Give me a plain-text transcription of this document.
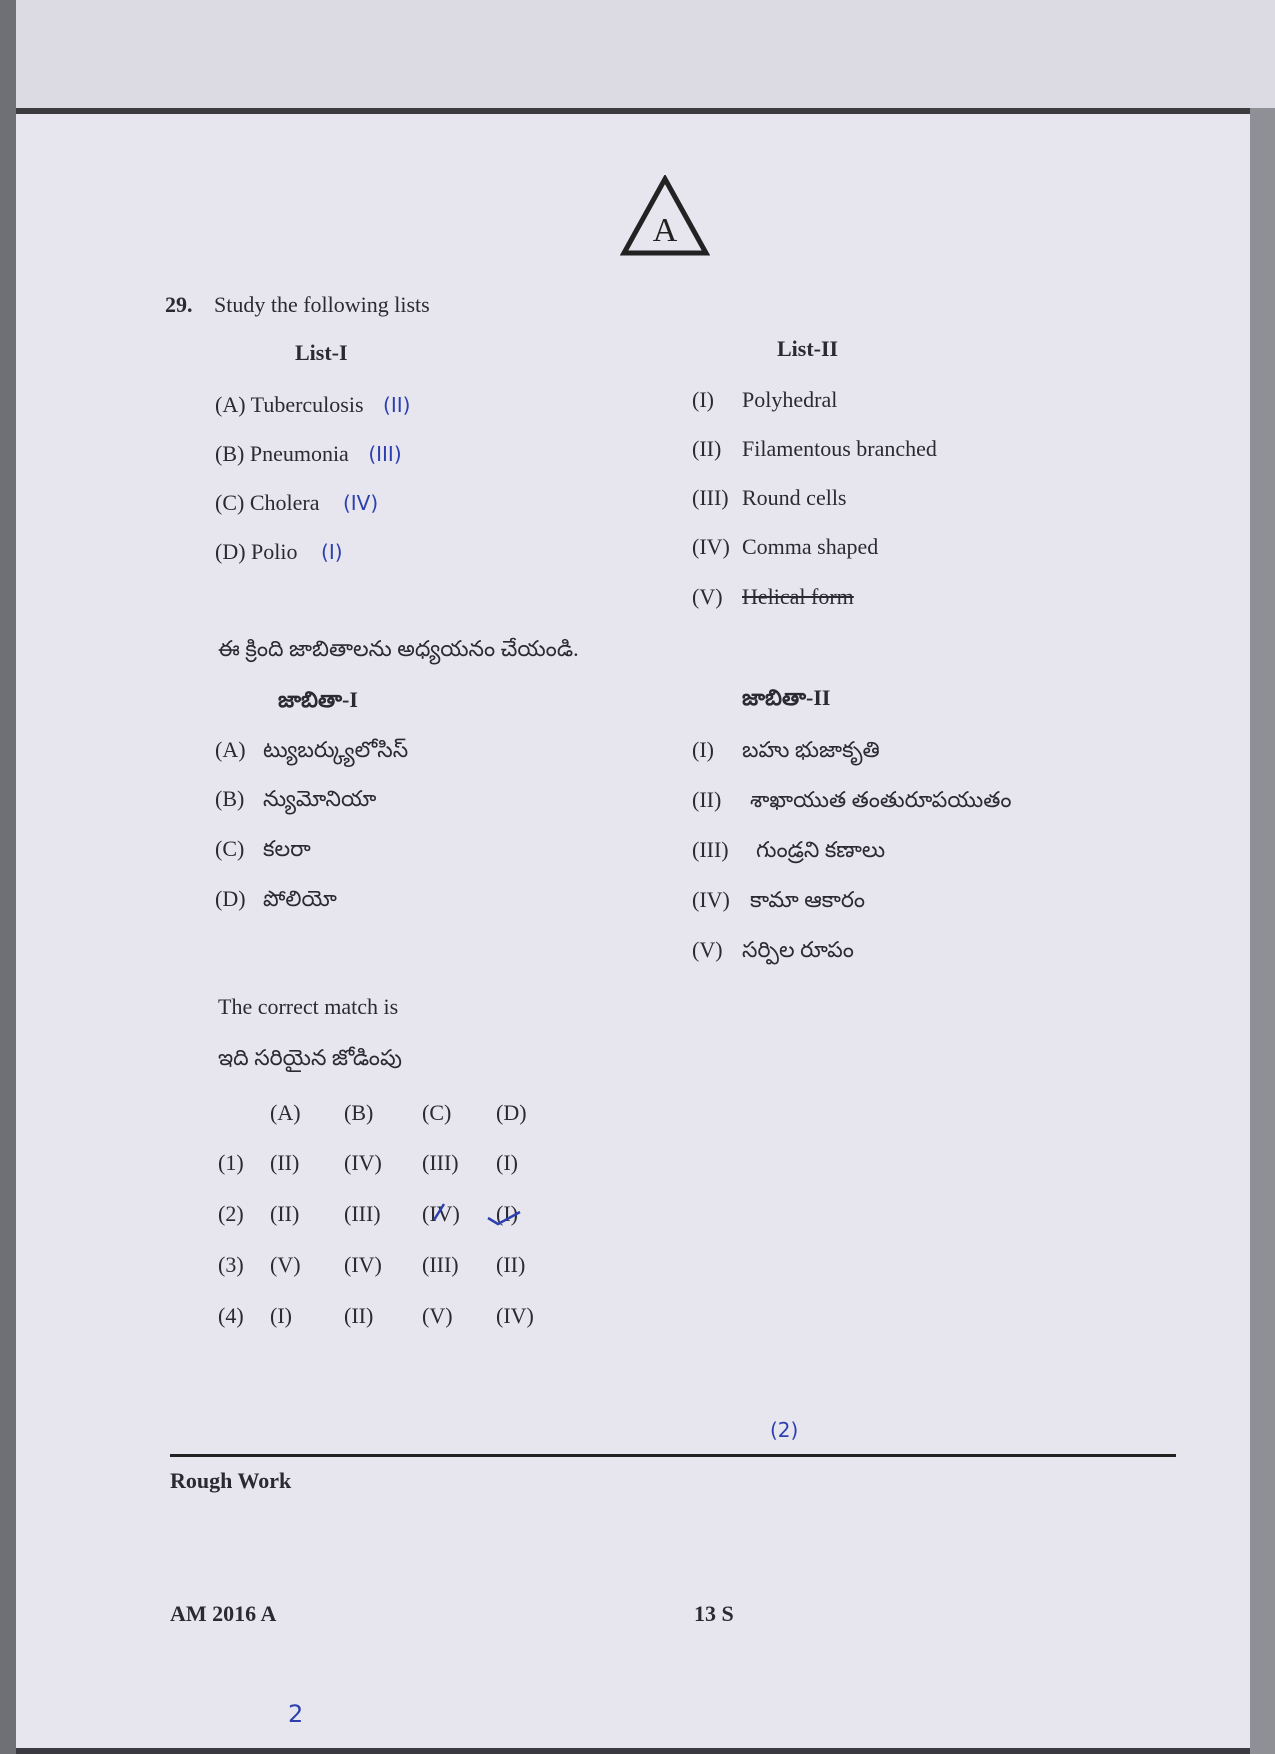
A
29. Study the following lists
List-I	List-II
(A) Tuberculosis (II)
(B) Pneumonia (III)
(C) Cholera (IV)
(D) Polio (I)
(I) Polyhedral
(II) Filamentous branched
(III) Round cells
(IV) Comma shaped
(V) Helical form
ఈ క్రింది జాబితాలను అధ్యయనం చేయండి.
జాబితా-I	జాబితా-II
(A) ట్యుబర్క్యులోసిస్
(B) న్యుమోనియా
(C) కలరా
(D) పోలియో
(I) బహు భుజాకృతి
(II) శాఖాయుత తంతురూపయుతం
(III) గుండ్రని కణాలు
(IV) కామా ఆకారం
(V) సర్పిల రూపం
The correct match is
ఇది సరియైన జోడింపు
(A) (B) (C) (D)
(1) (II) (IV) (III) (I)
(2) (II) (III) (IV) (I)
(3) (V) (IV) (III) (II)
(4) (I) (II) (V) (IV)
(2)
Rough Work
AM 2016 A	13 S
2
